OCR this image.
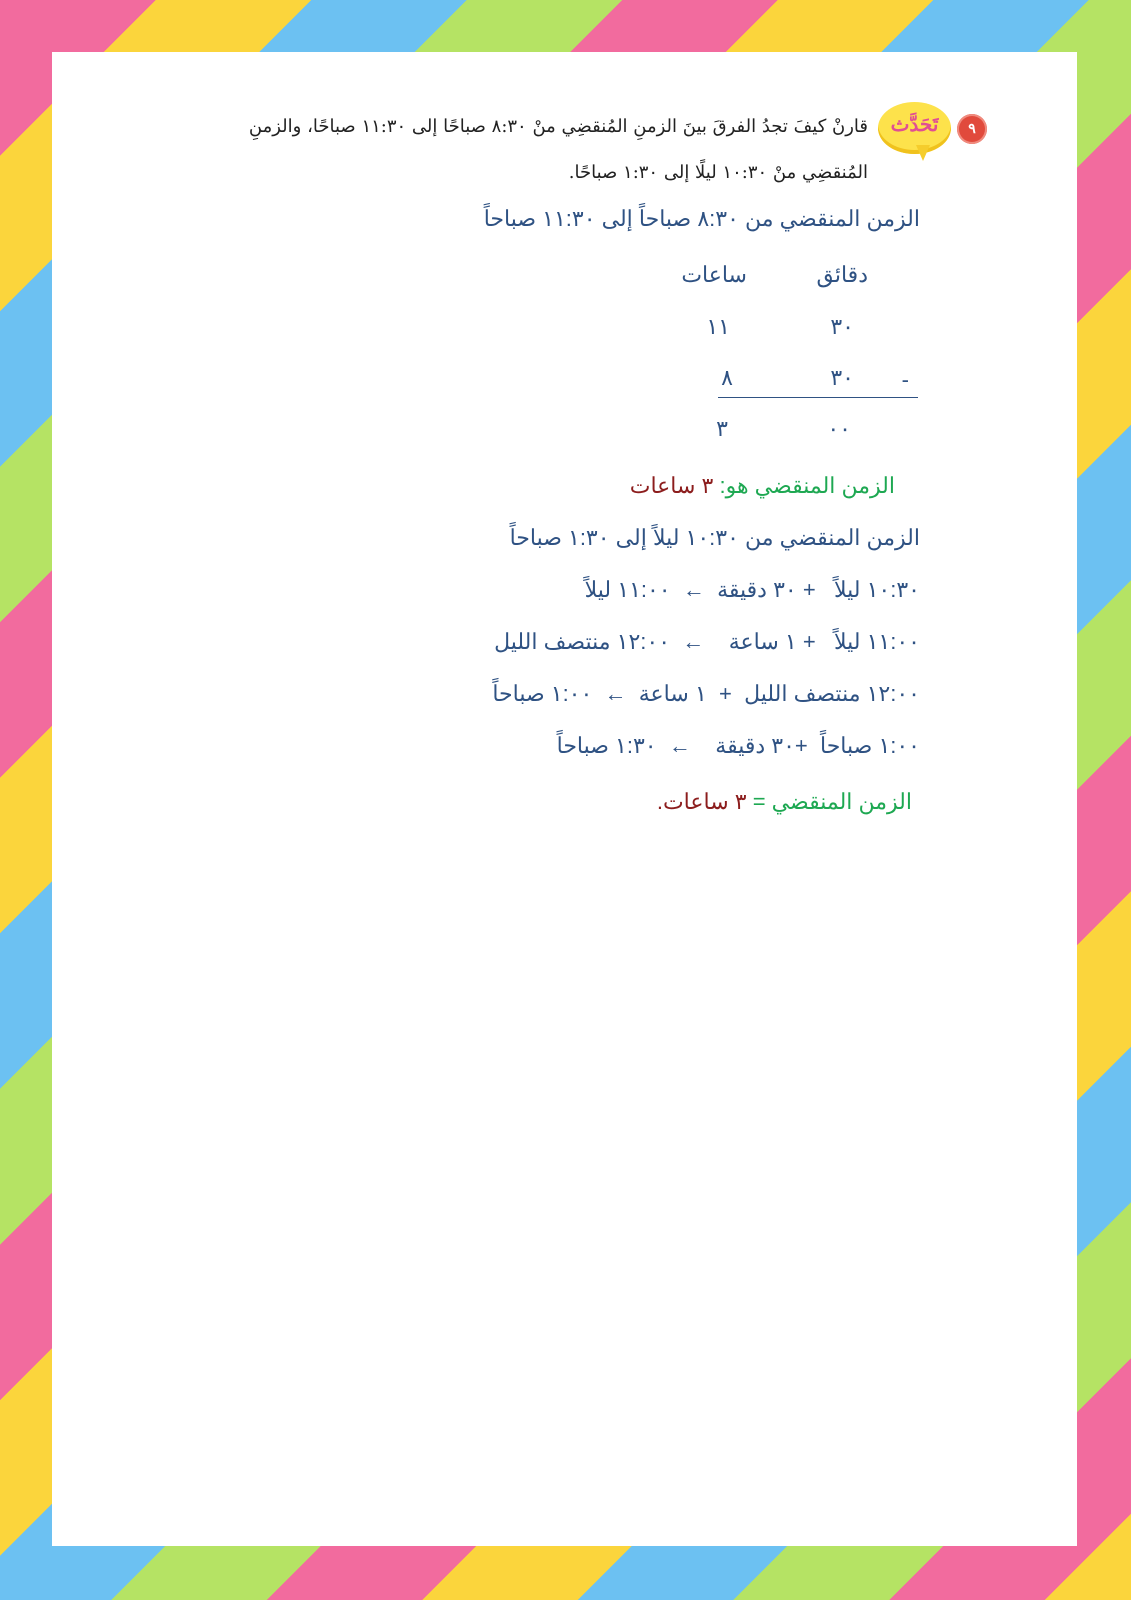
٩
تَحَدَّث
قارنْ كيفَ تجدُ الفرقَ بينَ الزمنِ المُنقضِي منْ ٨:٣٠ صباحًا إلى ١١:٣٠ صباحًا، والزمنِ المُنقضِي منْ ١٠:٣٠ ليلًا إلى ١:٣٠ صباحًا.
الزمن المنقضي من ٨:٣٠ صباحاً إلى ١١:٣٠ صباحاً
دقائق
ساعات
٣٠
١١
-
٣٠
٨
٠٠
٣
الزمن المنقضي هو: ٣ ساعات
الزمن المنقضي من ١٠:٣٠ ليلاً إلى ١:٣٠ صباحاً
١٠:٣٠ ليلاً   + ٣٠ دقيقة  ←  ١١:٠٠ ليلاً
١١:٠٠ ليلاً   + ١ ساعة    ←  ١٢:٠٠ منتصف الليل
١٢:٠٠ منتصف الليل  +  ١ ساعة  ←  ١:٠٠ صباحاً
١:٠٠ صباحاً  +٣٠ دقيقة    ←  ١:٣٠ صباحاً
الزمن المنقضي = ٣ ساعات.
